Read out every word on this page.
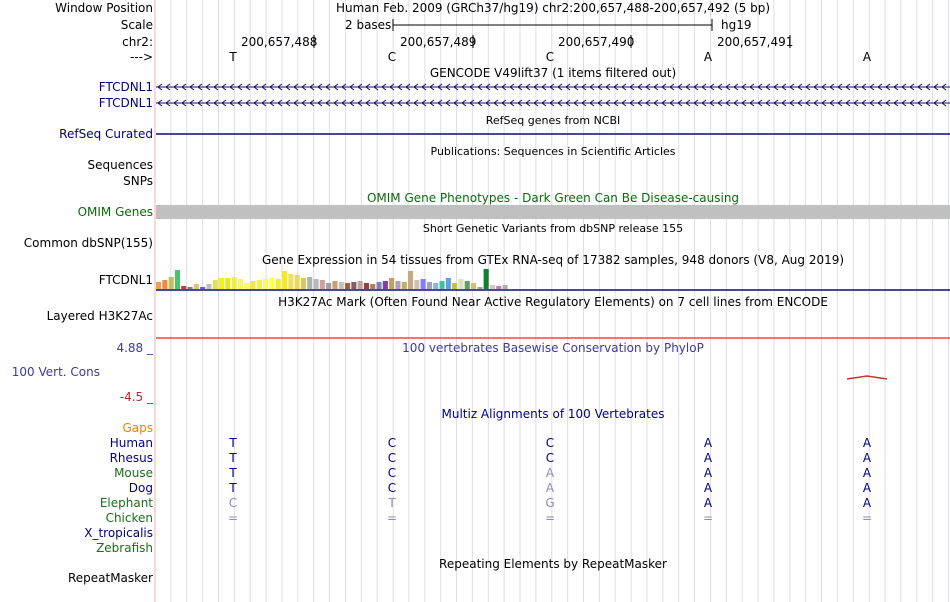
Window Position	Human Feb. 2009 (GRCh37/hg19) chr2:200,657,488-200,657,492 (5 bp)
Scale	2 bases	hg19
chr2:	200,657,488	200,657,489	200,657,490	200,657,491
--->	T	C	C	A	A
GENCODE V49lift37 (1 items filtered out)
FTCDNL1
FTCDNL1
RefSeq genes from NCBI
RefSeq Curated
Publications: Sequences in Scientific Articles
Sequences
SNPs
OMIM Gene Phenotypes - Dark Green Can Be Disease-causing
OMIM Genes
Short Genetic Variants from dbSNP release 155
Common dbSNP(155)
Gene Expression in 54 tissues from GTEx RNA-seq of 17382 samples, 948 donors (V8, Aug 2019)
FTCDNL1
H3K27Ac Mark (Often Found Near Active Regulatory Elements) on 7 cell lines from ENCODE
Layered H3K27Ac
100 vertebrates Basewise Conservation by PhyloP
4.88 _
100 Vert. Cons
-4.5 _
Multiz Alignments of 100 Vertebrates
Gaps
Human	T	C	C	A	A
Rhesus	T	C	C	A	A
Mouse	T	C	A	A	A
Dog	T	C	A	A	A
Elephant	C	T	G	A	A
Chicken	=	=	=	=	=
X_tropicalis
Zebrafish
Repeating Elements by RepeatMasker
RepeatMasker
